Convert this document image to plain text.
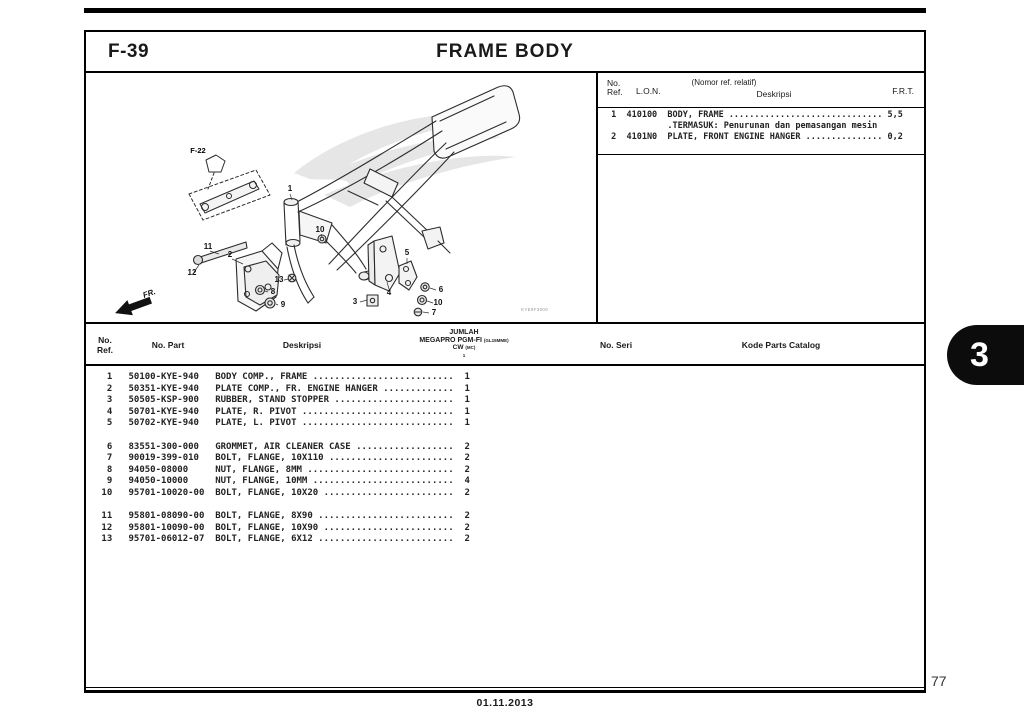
F-39	FRAME BODY
1
2
3
4
5
6
7
8
9
10
10
11
12
13
F-22
FR.
KYE9F3000
No.
Ref. L.O.N.
(Nomor ref. relatif)
Deskripsi	F.R.T.
1  410100  BODY, FRAME .............................. 5,5
.TERMASUK: Penurunan dan pemasangan mesin
2  4101N0  PLATE, FRONT ENGINE HANGER ............... 0,2
No.
Ref.	No. Part	Deskripsi
JUMLAH
MEGAPRO PGM-FI (GL15MME)
CW (MC)
1
No. Seri	Kode Parts Catalog
1   50100-KYE-940   BODY COMP., FRAME ..........................  1
2   50351-KYE-940   PLATE COMP., FR. ENGINE HANGER .............  1
3   50505-KSP-900   RUBBER, STAND STOPPER ......................  1
4   50701-KYE-940   PLATE, R. PIVOT ............................  1
5   50702-KYE-940   PLATE, L. PIVOT ............................  1
6   83551-300-000   GROMMET, AIR CLEANER CASE ..................  2
7   90019-399-010   BOLT, FLANGE, 10X110 .......................  2
8   94050-08000     NUT, FLANGE, 8MM ...........................  2
9   94050-10000     NUT, FLANGE, 10MM ..........................  4
10   95701-10020-00  BOLT, FLANGE, 10X20 ........................  2
11   95801-08090-00  BOLT, FLANGE, 8X90 .........................  2
12   95801-10090-00  BOLT, FLANGE, 10X90 ........................  2
13   95701-06012-07  BOLT, FLANGE, 6X12 .........................  2
3
01.11.2013
77
